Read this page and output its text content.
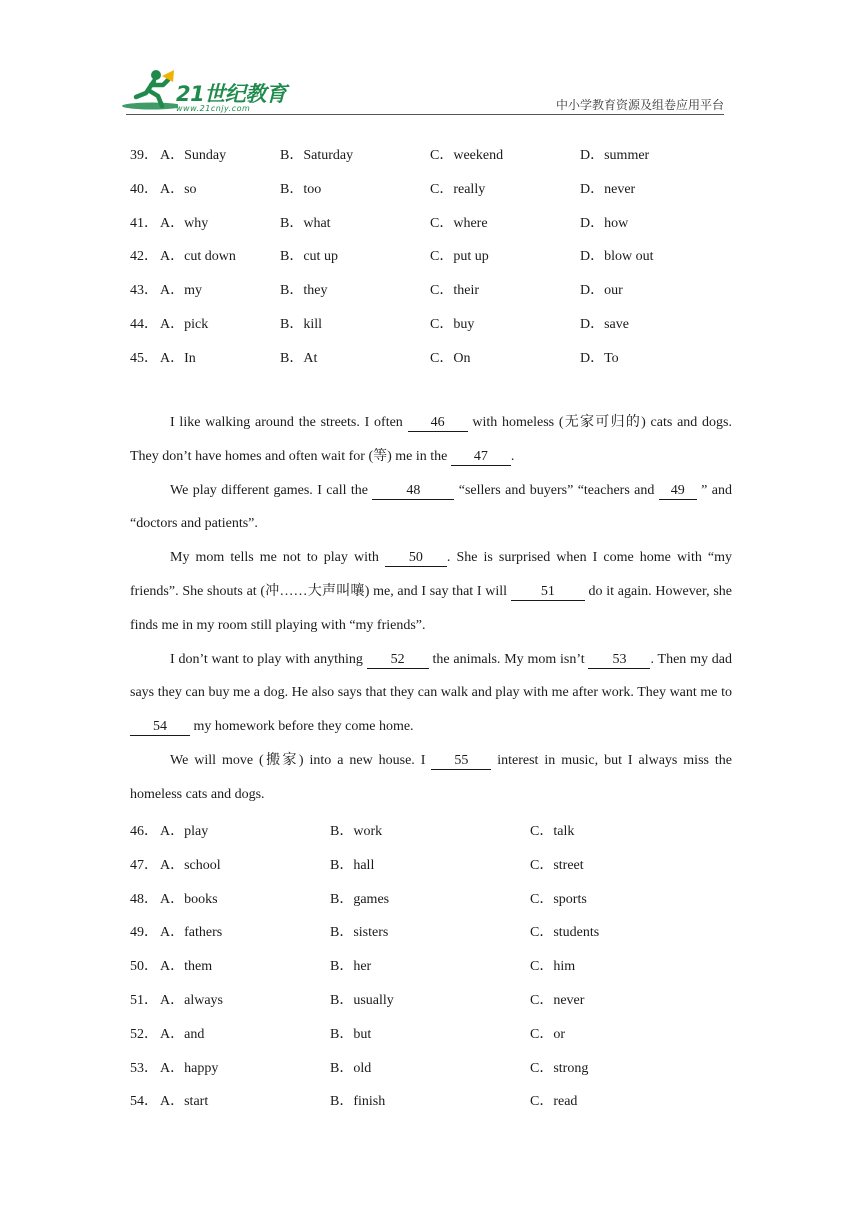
21世纪教育
www.21cnjy.com	中小学教育资源及组卷应用平台
39． A．Sunday	B．Saturday	C．weekend	D．summer
40． A．so	B．too	C．really	D．never
41． A．why	B．what	C．where	D．how
42． A．cut down	B．cut up	C．put up	D．blow out
43． A．my	B．they	C．their	D．our
44． A．pick	B．kill	C．buy	D．save
45． A．In	B．At	C．On	D．To

I like walking around the streets. I often 46 with homeless (无家可归的) cats and dogs. They don’t have homes and often wait for (等) me in the 47 .

We play different games. I call the 48 “sellers and buyers” “teachers and 49 ” and “doctors and patients”.

My mom tells me not to play with 50 . She is surprised when I come home with “my friends”. She shouts at (冲……大声叫嚷) me, and I say that I will 51 do it again. However, she finds me in my room still playing with “my friends”.

I don’t want to play with anything 52 the animals. My mom isn’t 53 . Then my dad says they can buy me a dog. He also says that they can walk and play with me after work. They want me to 54 my homework before they come home.

We will move (搬家) into a new house. I 55 interest in music, but I always miss the homeless cats and dogs.

46． A．play	B．work	C．talk
47． A．school	B．hall	C．street
48． A．books	B．games	C．sports
49． A．fathers	B．sisters	C．students
50． A．them	B．her	C．him
51． A．always	B．usually	C．never
52． A．and	B．but	C．or
53． A．happy	B．old	C．strong
54． A．start	B．finish	C．read
